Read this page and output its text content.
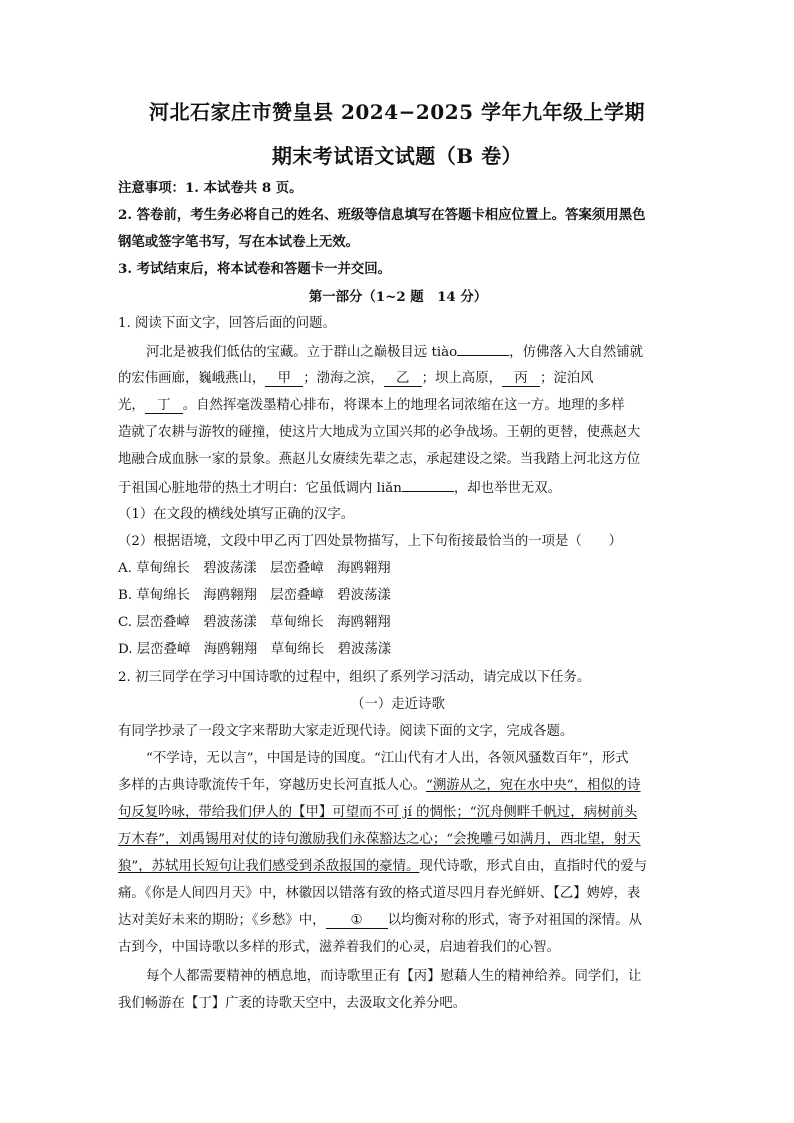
河北石家庄市赞皇县 2024−2025 学年九年级上学期
期末考试语文试题（B 卷）
注意事项：1. 本试卷共 8 页。
2. 答卷前，考生务必将自己的姓名、班级等信息填写在答题卡相应位置上。答案须用黑色
钢笔或签字笔书写，写在本试卷上无效。
3. 考试结束后，将本试卷和答题卡一并交回。
第一部分（1~2 题　14 分）
1. 阅读下面文字，回答后面的问题。
河北是被我们低估的宝藏。立于群山之巅极目远 tiào	，仿佛落入大自然铺就
的宏伟画廊，巍峨燕山， 甲 ；渤海之滨， 乙 ；坝上高原， 丙 ；淀泊风
光， 丁 。自然挥毫泼墨精心排布，将课本上的地理名词浓缩在这一方。地理的多样
造就了农耕与游牧的碰撞，使这片大地成为立国兴邦的必争战场。王朝的更替，使燕赵大
地融合成血脉一家的景象。燕赵儿女赓续先辈之志，承起建设之梁。当我踏上河北这方位
于祖国心脏地带的热土才明白：它虽低调内 liǎn	，却也举世无双。
（1）在文段的横线处填写正确的汉字。
（2）根据语境，文段中甲乙丙丁四处景物描写，上下句衔接最恰当的一项是（　　）
A. 草甸绵长　碧波荡漾　层峦叠嶂　海鸥翱翔
B. 草甸绵长　海鸥翱翔　层峦叠嶂　碧波荡漾
C. 层峦叠嶂　碧波荡漾　草甸绵长　海鸥翱翔
D. 层峦叠嶂　海鸥翱翔　草甸绵长　碧波荡漾
2. 初三同学在学习中国诗歌的过程中，组织了系列学习活动，请完成以下任务。
（一）走近诗歌
有同学抄录了一段文字来帮助大家走近现代诗。阅读下面的文字，完成各题。
“不学诗，无以言”，中国是诗的国度。“江山代有才人出，各领风骚数百年”，形式
多样的古典诗歌流传千年，穿越历史长河直抵人心。“溯游从之，宛在水中央”，相似的诗
句反复吟咏，带给我们伊人的【甲】可望而不可 jí 的惆怅；“沉舟侧畔千帆过，病树前头
万木春”，刘禹锡用对仗的诗句激励我们永葆豁达之心；“会挽雕弓如满月，西北望，射天
狼”，苏轼用长短句让我们感受到杀敌报国的豪情。现代诗歌，形式自由，直指时代的爱与
痛。《你是人间四月天》中，林徽因以错落有致的格式道尽四月春光鲜妍、【乙】娉婷，表
达对美好未来的期盼；《乡愁》中， ① 以均衡对称的形式，寄予对祖国的深情。从
古到今，中国诗歌以多样的形式，滋养着我们的心灵，启迪着我们的心智。
每个人都需要精神的栖息地，而诗歌里正有【丙】慰藉人生的精神给养。同学们，让
我们畅游在【丁】广袤的诗歌天空中，去汲取文化养分吧。
